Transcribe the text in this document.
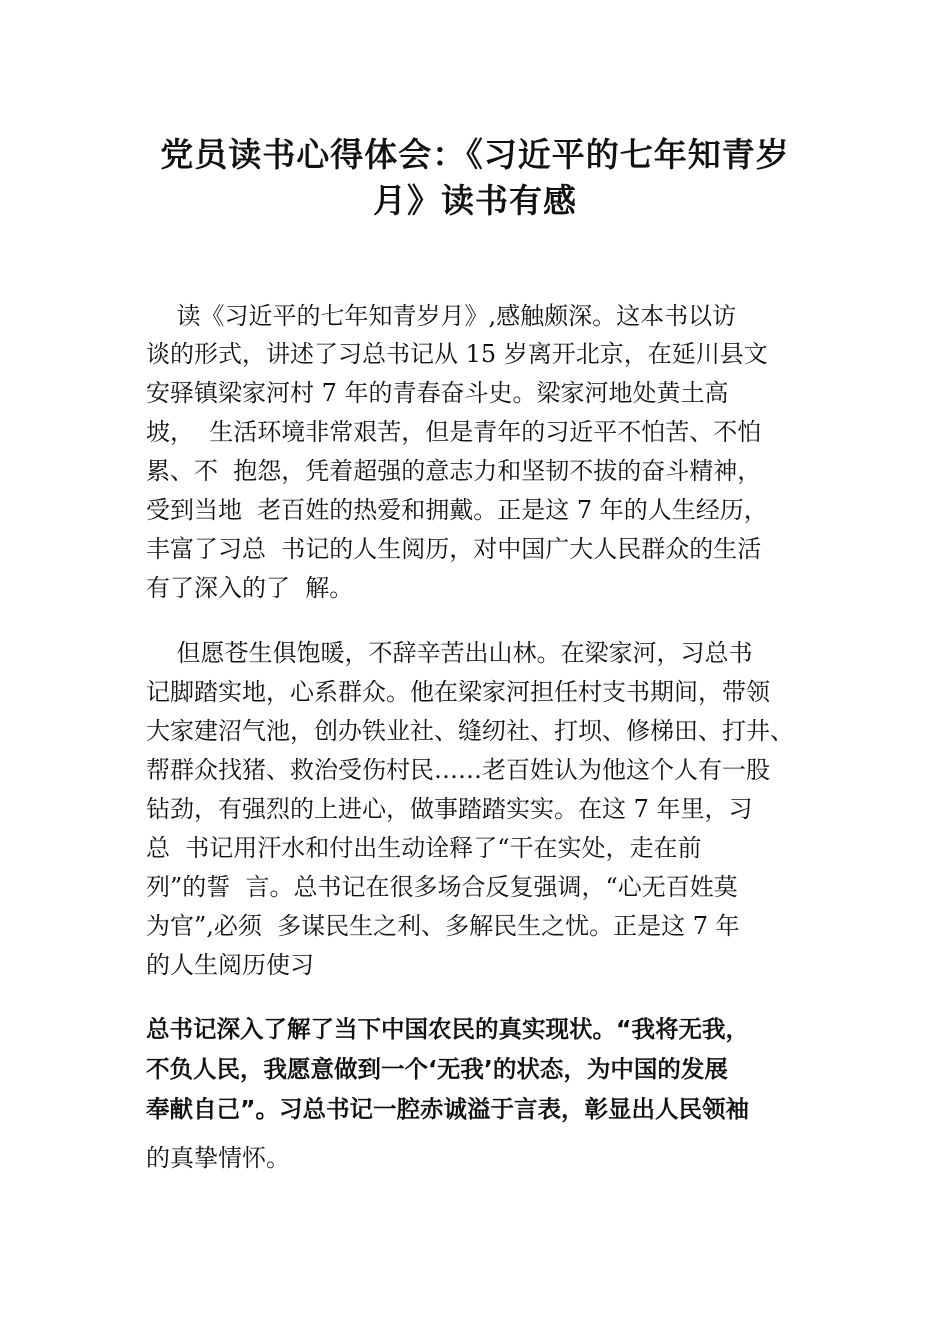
党员读书心得体会：《习近平的七年知青岁
月》读书有感
读《习近平的七年知青岁月》,感触颇深。这本书以访
谈的形式，讲述了习总书记从 15 岁离开北京，在延川县文
安驿镇梁家河村 7 年的青春奋斗史。梁家河地处黄土高
坡，  生活环境非常艰苦，但是青年的习近平不怕苦、不怕
累、不  抱怨，凭着超强的意志力和坚韧不拔的奋斗精神，
受到当地  老百姓的热爱和拥戴。正是这 7 年的人生经历，
丰富了习总  书记的人生阅历，对中国广大人民群众的生活
有了深入的了  解。
但愿苍生俱饱暖，不辞辛苦出山林。在梁家河，习总书
记脚踏实地，心系群众。他在梁家河担任村支书期间，带领
大家建沼气池，创办铁业社、缝纫社、打坝、修梯田、打井、
帮群众找猪、救治受伤村民……老百姓认为他这个人有一股
钻劲，有强烈的上进心，做事踏踏实实。在这 7 年里，习
总  书记用汗水和付出生动诠释了“干在实处，走在前
列”的誓  言。总书记在很多场合反复强调，“心无百姓莫
为官”,必须  多谋民生之利、多解民生之忧。正是这 7 年
的人生阅历使习
总书记深入了解了当下中国农民的真实现状。“我将无我，
不负人民，我愿意做到一个‘无我’的状态，为中国的发展
奉献自己”。习总书记一腔赤诚溢于言表，彰显出人民领袖
的真挚情怀。
